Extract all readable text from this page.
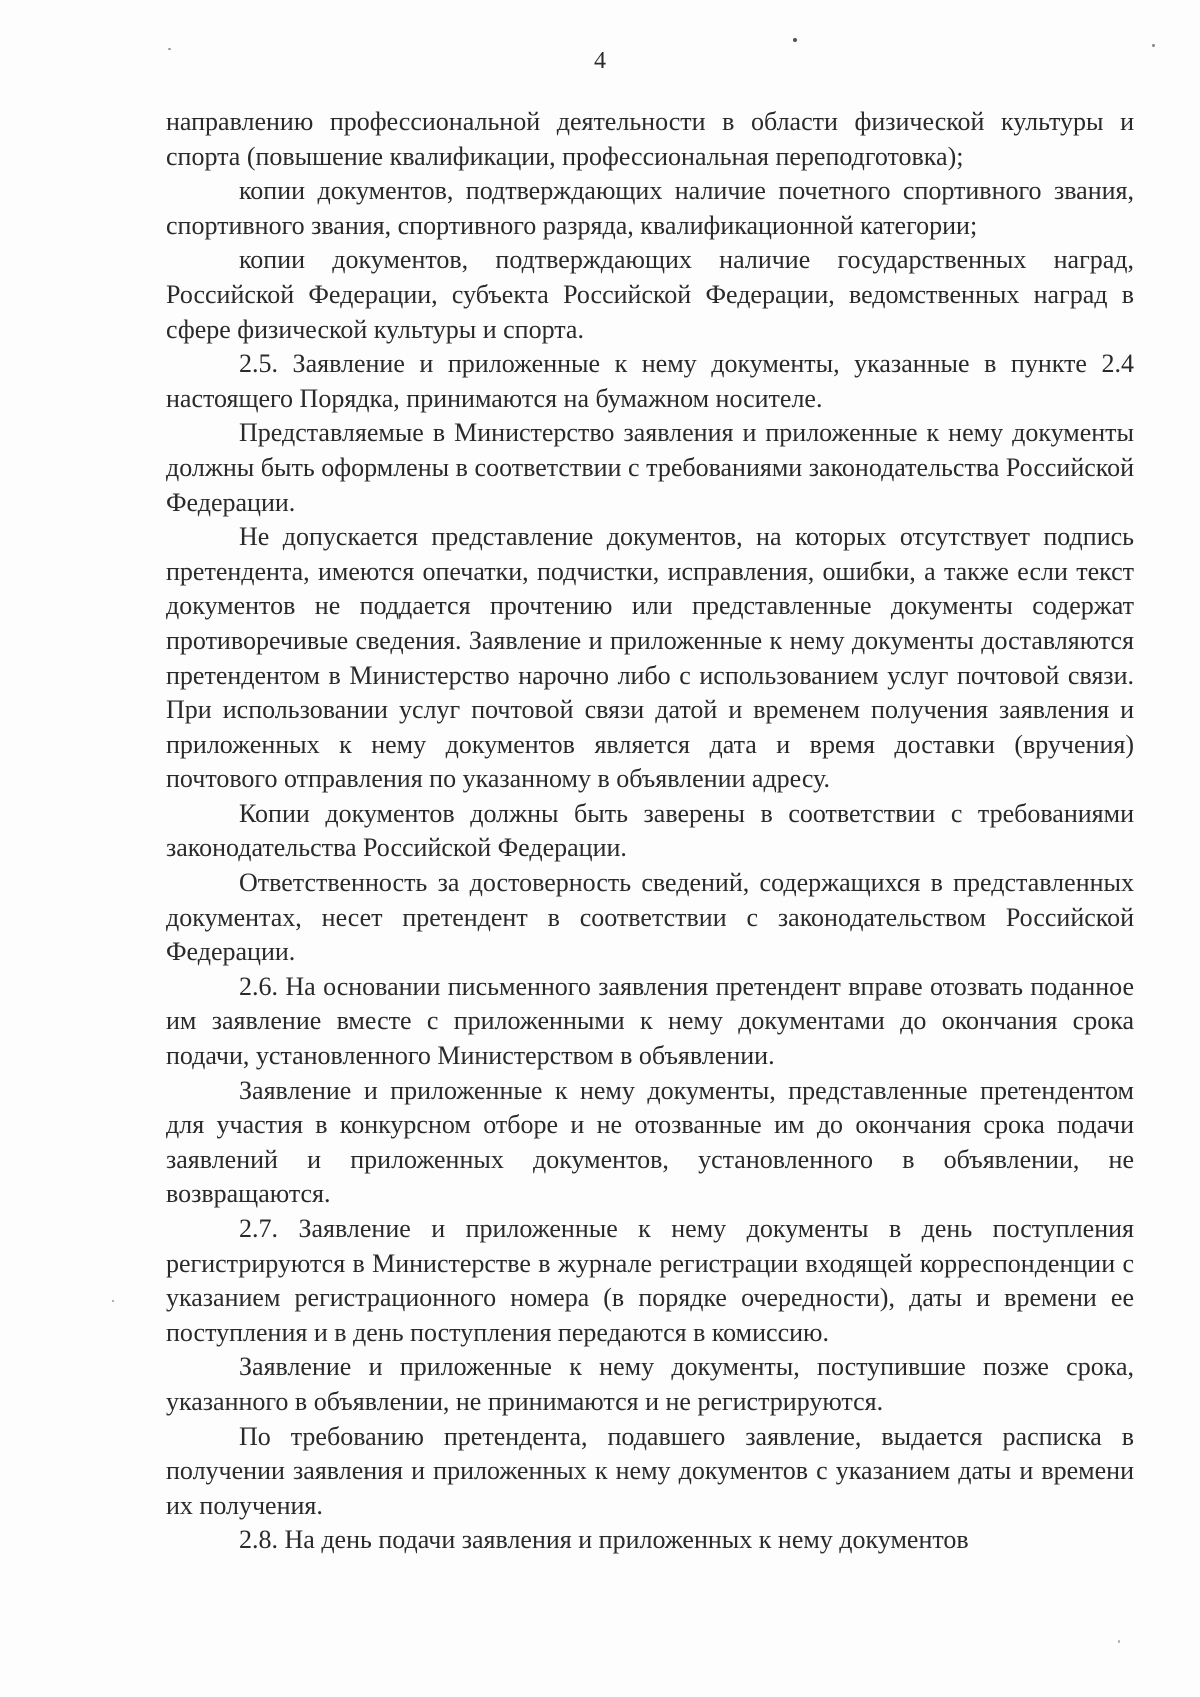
4

направлению профессиональной деятельности в области физической культуры и спорта (повышение квалификации, профессиональная переподготовка);

копии документов, подтверждающих наличие почетного спортивного звания, спортивного звания, спортивного разряда, квалификационной категории;

копии документов, подтверждающих наличие государственных наград, Российской Федерации, субъекта Российской Федерации, ведомственных наград в сфере физической культуры и спорта.

2.5. Заявление и приложенные к нему документы, указанные в пункте 2.4 настоящего Порядка, принимаются на бумажном носителе.

Представляемые в Министерство заявления и приложенные к нему документы должны быть оформлены в соответствии с требованиями законодательства Российской Федерации.

Не допускается представление документов, на которых отсутствует подпись претендента, имеются опечатки, подчистки, исправления, ошибки, а также если текст документов не поддается прочтению или представленные документы содержат противоречивые сведения. Заявление и приложенные к нему документы доставляются претендентом в Министерство нарочно либо с использованием услуг почтовой связи. При использовании услуг почтовой связи датой и временем получения заявления и приложенных к нему документов является дата и время доставки (вручения) почтового отправления по указанному в объявлении адресу.

Копии документов должны быть заверены в соответствии с требованиями законодательства Российской Федерации.

Ответственность за достоверность сведений, содержащихся в представленных документах, несет претендент в соответствии с законодательством Российской Федерации.

2.6. На основании письменного заявления претендент вправе отозвать поданное им заявление вместе с приложенными к нему документами до окончания срока подачи, установленного Министерством в объявлении.

Заявление и приложенные к нему документы, представленные претендентом для участия в конкурсном отборе и не отозванные им до окончания срока подачи заявлений и приложенных документов, установленного в объявлении, не возвращаются.

2.7. Заявление и приложенные к нему документы в день поступления регистрируются в Министерстве в журнале регистрации входящей корреспонденции с указанием регистрационного номера (в порядке очередности), даты и времени ее поступления и в день поступления передаются в комиссию.

Заявление и приложенные к нему документы, поступившие позже срока, указанного в объявлении, не принимаются и не регистрируются.

По требованию претендента, подавшего заявление, выдается расписка в получении заявления и приложенных к нему документов с указанием даты и времени их получения.

2.8. На день подачи заявления и приложенных к нему документов
